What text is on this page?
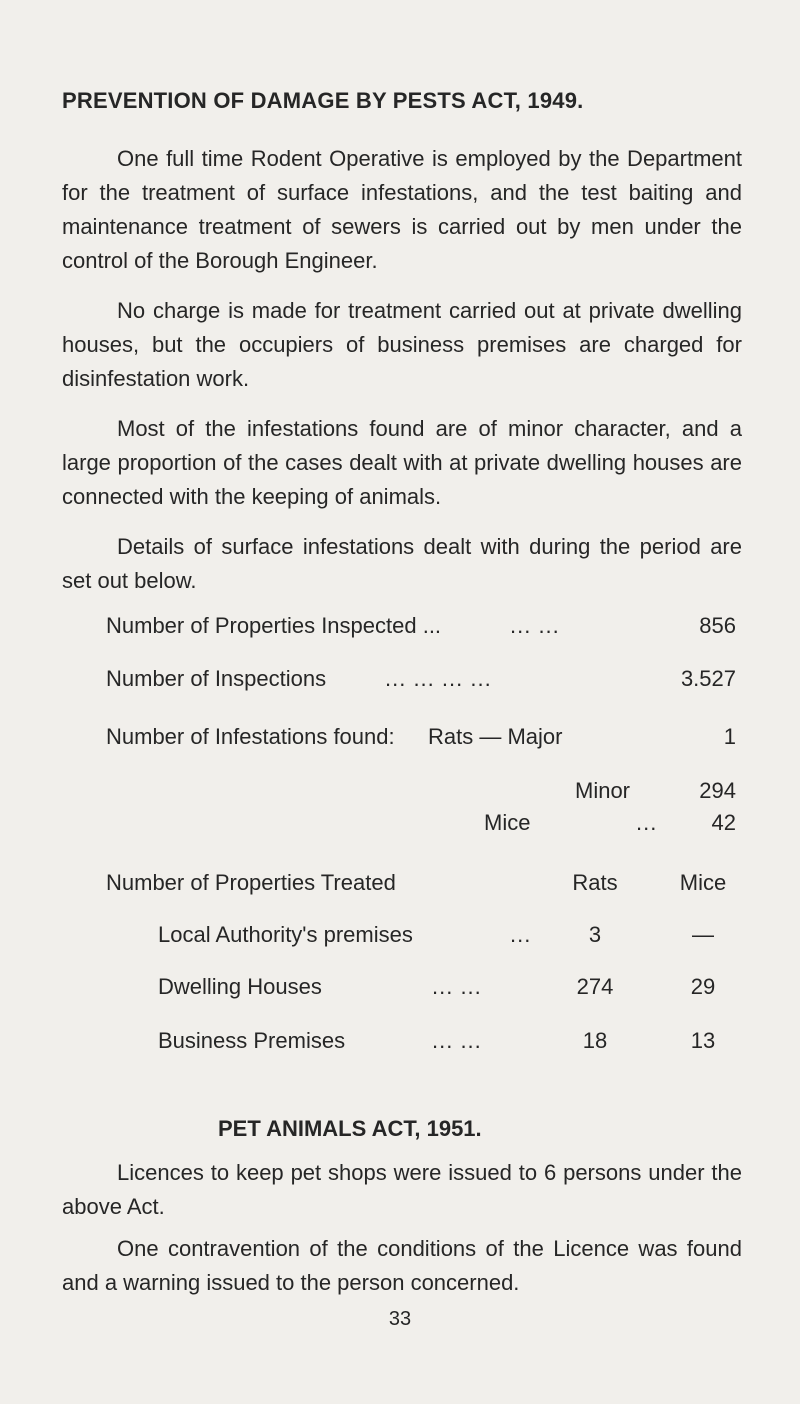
PREVENTION OF DAMAGE BY PESTS ACT, 1949.
One full time Rodent Operative is employed by the Department for the treatment of surface infestations, and the test baiting and maintenance treatment of sewers is carried out by men under the control of the Borough Engineer.
No charge is made for treatment carried out at private dwelling houses, but the occupiers of business premises are charged for disinfestation work.
Most of the infestations found are of minor character, and a large proportion of the cases dealt with at private dwelling houses are connected with the keeping of animals.
Details of surface infestations dealt with during the period are set out below.
Number of Properties Inspected ...	... ...	856
Number of Inspections	... ... ... ...	3.527
Number of Infestations found: Rats — Major	1
Minor	294
Mice	...	42
Number of Properties Treated	Rats	Mice
Local Authority's premises	...	3	—
Dwelling Houses	... ...	274	29
Business Premises	... ...	18	13
PET ANIMALS ACT, 1951.
Licences to keep pet shops were issued to 6 persons under the above Act.
One contravention of the conditions of the Licence was found and a warning issued to the person concerned.
33
